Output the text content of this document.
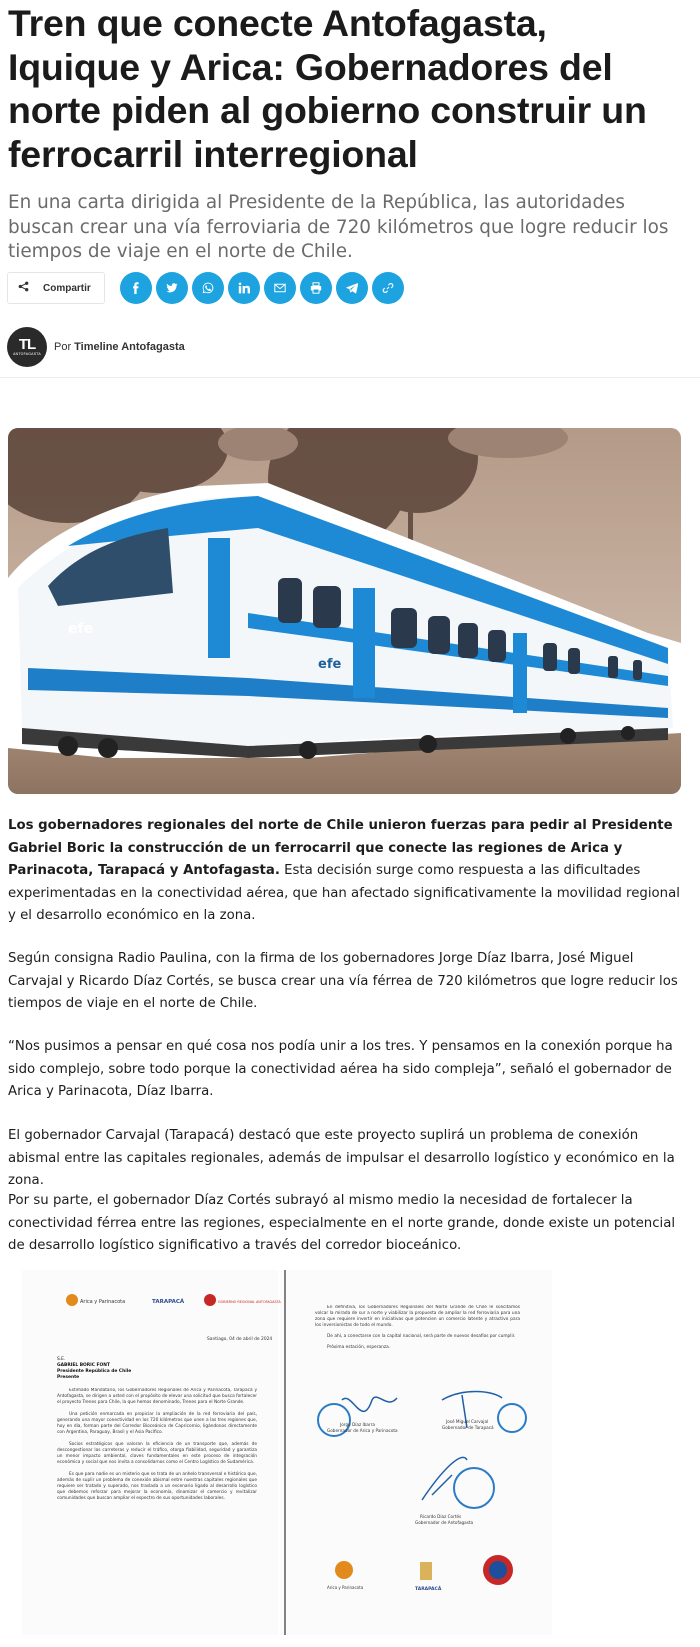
Tren que conecte Antofagasta, Iquique y Arica: Gobernadores del norte piden al gobierno construir un ferrocarril interregional

En una carta dirigida al Presidente de la República, las autoridades buscan crear una vía ferroviaria de 720 kilómetros que logre reducir los tiempos de viaje en el norte de Chile.

Compartir
TL
ANTOFAGASTA
Por Timeline Antofagasta
efe
efe

Los gobernadores regionales del norte de Chile unieron fuerzas para pedir al Presidente Gabriel Boric la construcción de un ferrocarril que conecte las regiones de Arica y Parinacota, Tarapacá y Antofagasta. Esta decisión surge como respuesta a las dificultades experimentadas en la conectividad aérea, que han afectado significativamente la movilidad regional y el desarrollo económico en la zona.

Según consigna Radio Paulina, con la firma de los gobernadores Jorge Díaz Ibarra, José Miguel Carvajal y Ricardo Díaz Cortés, se busca crear una vía férrea de 720 kilómetros que logre reducir los tiempos de viaje en el norte de Chile.

“Nos pusimos a pensar en qué cosa nos podía unir a los tres. Y pensamos en la conexión porque ha sido complejo, sobre todo porque la conectividad aérea ha sido compleja”, señaló el gobernador de Arica y Parinacota, Díaz Ibarra.

El gobernador Carvajal (Tarapacá) destacó que este proyecto suplirá un problema de conexión abismal entre las capitales regionales, además de impulsar el desarrollo logístico y económico en la zona.

Por su parte, el gobernador Díaz Cortés subrayó al mismo medio la necesidad de fortalecer la conectividad férrea entre las regiones, especialmente en el norte grande, donde existe un potencial de desarrollo logístico significativo a través del corredor bioceánico.

Arica y Parinacota	TARAPACÁ	GOBIERNO REGIONAL ANTOFAGASTA
Santiago, 04 de abril de 2024
S.E.
GABRIEL BORIC FONT
Presidente República de Chile
Presente

Estimado Mandatario, los Gobernadores Regionales de Arica y Parinacota, Tarapacá y Antofagasta, se dirigen a usted con el propósito de elevar una solicitud que busca fortalecer el proyecto Trenes para Chile, la que hemos denominado, Trenes para el Norte Grande.

Una petición enmarcada en propiciar la ampliación de la red ferroviaria del país, generando una mayor conectividad en los 720 kilómetros que unen a las tres regiones que, hoy en día, forman parte del Corredor Bioceánico de Capricornio, ligándonos directamente con Argentina, Paraguay, Brasil y el Asia Pacífico.

Socios estratégicos que valoran la eficiencia de un transporte que, además de descongestionar las carreteras y reducir el tráfico, otorga fiabilidad, seguridad y garantiza un menor impacto ambiental, claves fundamentales en este proceso de integración económica y social que nos invita a consolidarnos como el Centro Logístico de Sudamérica.

Es que para nadie es un misterio que se trata de un anhelo transversal e histórico que, además de suplir un problema de conexión abismal entre nuestras capitales regionales que requiere ser tratado y superado, nos traslada a un escenario ligado al desarrollo logístico que debemos reforzar para mejorar la economía, dinamizar el comercio y revitalizar comunidades que buscan ampliar el espectro de sus oportunidades laborales.

En definitiva, los Gobernadores Regionales del Norte Grande de Chile le solicitamos volcar la mirada de sur a norte y viabilizar la propuesta de ampliar la red ferroviaria para una zona que requiere invertir en iniciativas que potencien un comercio latente y atractivo para los inversionistas de todo el mundo.

De ahí, a conectarse con la capital nacional, será parte de nuevos desafíos por cumplir.

Próxima estación, esperanza.

Jorge Díaz Ibarra
Gobernador de Arica y Parinacota
José Miguel Carvajal
Gobernador de Tarapacá
Ricardo Díaz Cortés
Gobernador de Antofagasta
Arica y Parinacota	TARAPACÁ
